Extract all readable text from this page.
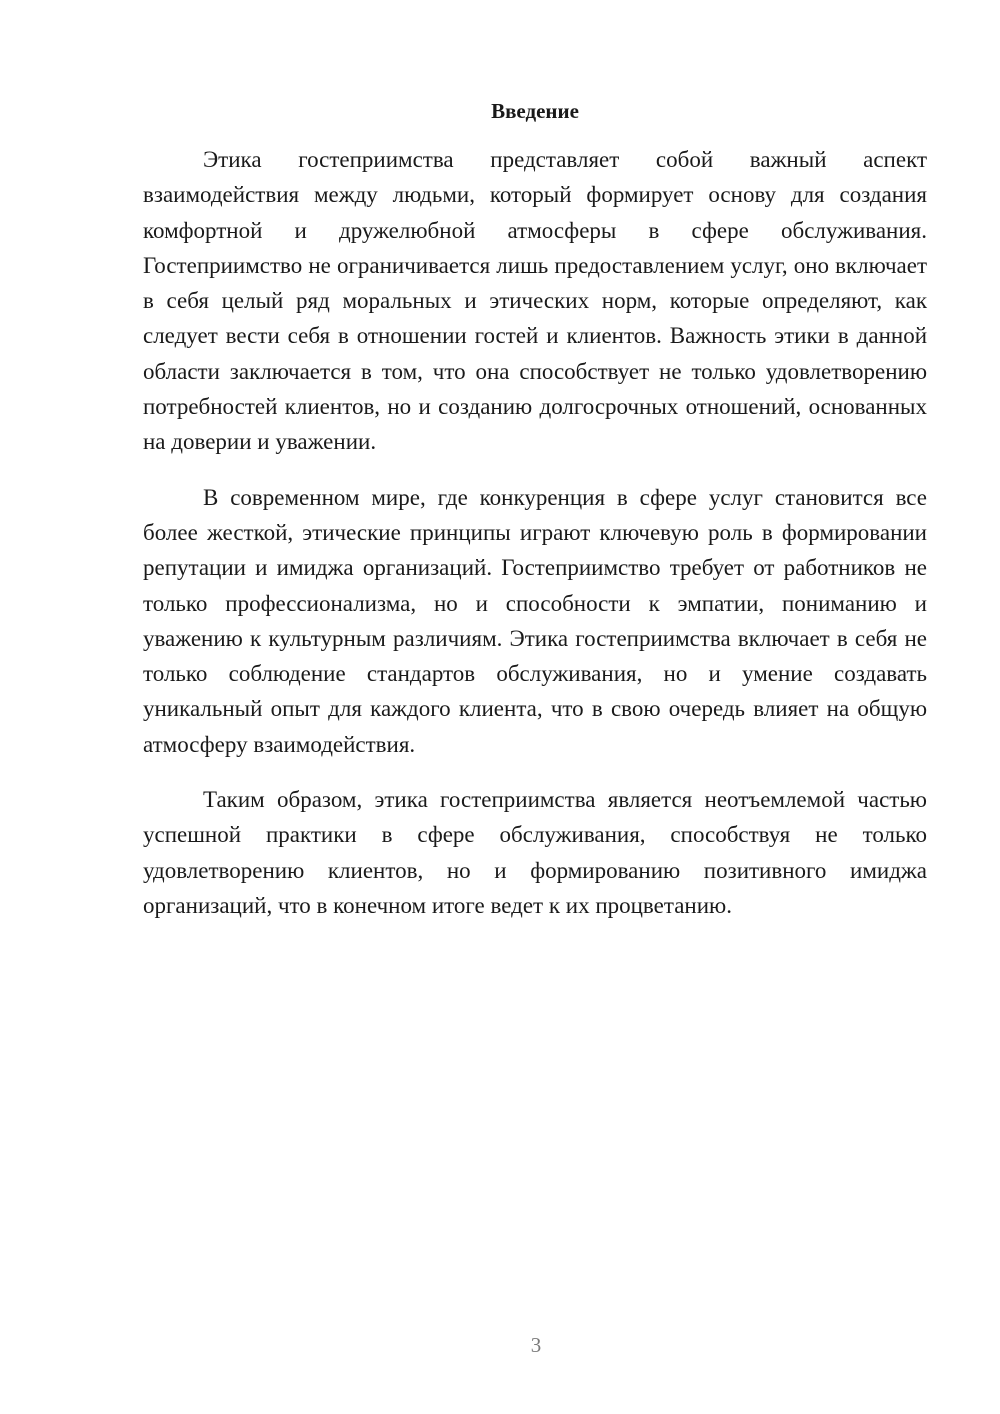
Введение

Этика гостеприимства представляет собой важный аспект взаимодействия между людьми, который формирует основу для создания комфортной и дружелюбной атмосферы в сфере обслуживания. Гостеприимство не ограничивается лишь предоставлением услуг, оно включает в себя целый ряд моральных и этических норм, которые определяют, как следует вести себя в отношении гостей и клиентов. Важность этики в данной области заключается в том, что она способствует не только удовлетворению потребностей клиентов, но и созданию долгосрочных отношений, основанных на доверии и уважении.

В современном мире, где конкуренция в сфере услуг становится все более жесткой, этические принципы играют ключевую роль в формировании репутации и имиджа организаций. Гостеприимство требует от работников не только профессионализма, но и способности к эмпатии, пониманию и уважению к культурным различиям. Этика гостеприимства включает в себя не только соблюдение стандартов обслуживания, но и умение создавать уникальный опыт для каждого клиента, что в свою очередь влияет на общую атмосферу взаимодействия.

Таким образом, этика гостеприимства является неотъемлемой частью успешной практики в сфере обслуживания, способствуя не только удовлетворению клиентов, но и формированию позитивного имиджа организаций, что в конечном итоге ведет к их процветанию.

3
